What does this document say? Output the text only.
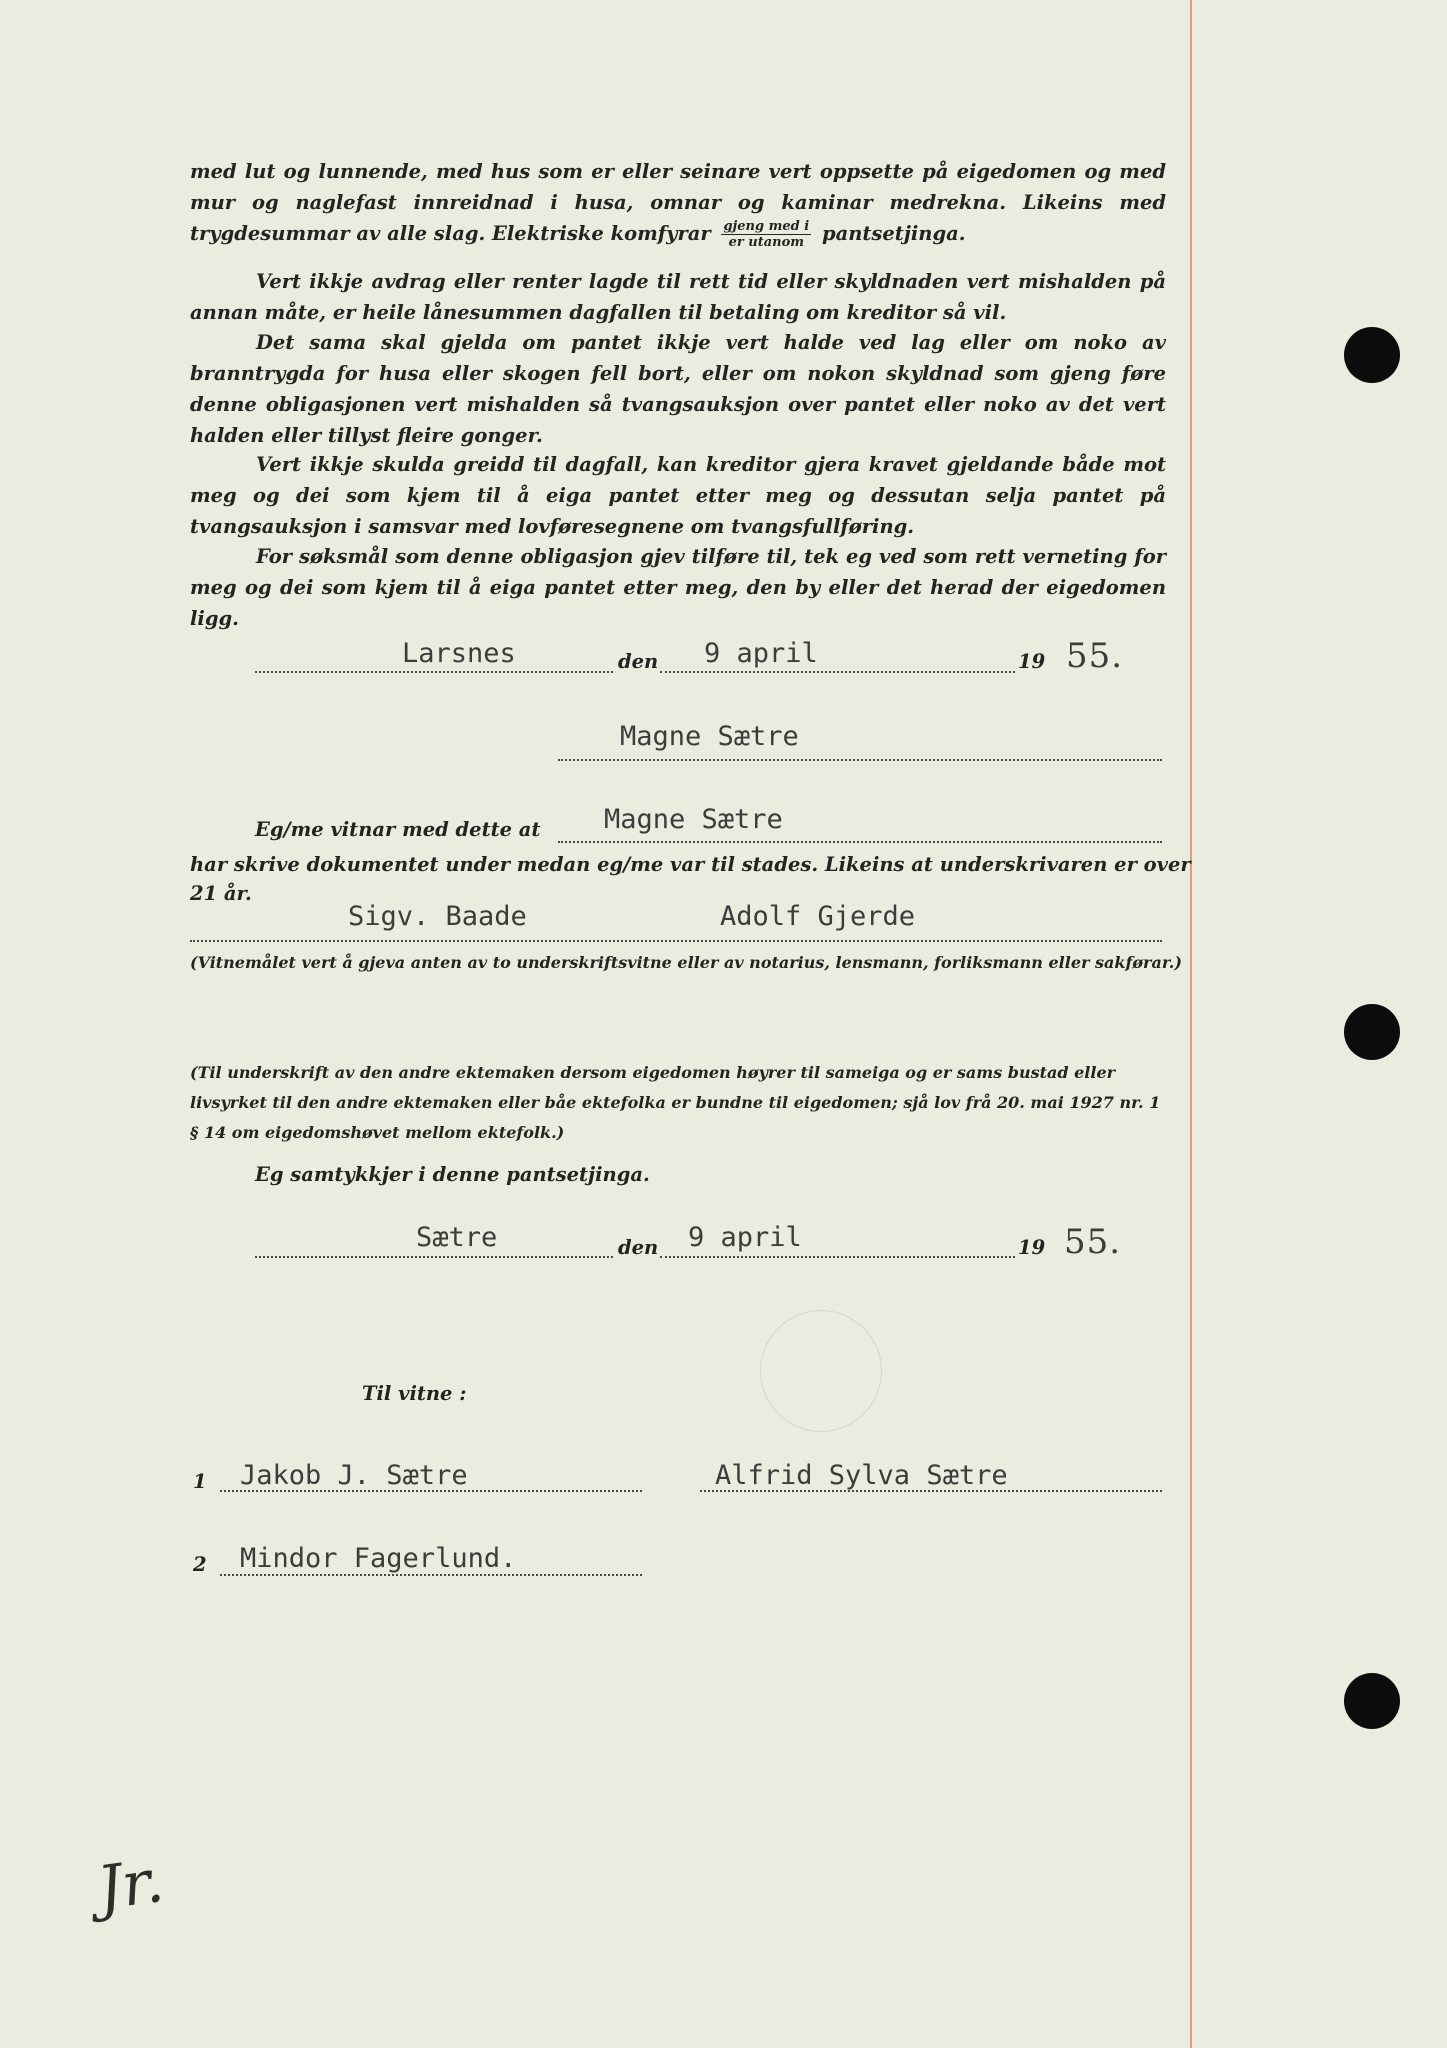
med lut og lunnende, med hus som er eller seinare vert oppsette på eigedomen og med mur og naglefast innreidnad i husa, omnar og kaminar medrekna. Likeins med trygdesummar av alle slag. Elektriske komfyrar $\frac{\text{gjeng med i}}{\text{er utanom}}$ pantsetjinga.
Vert ikkje avdrag eller renter lagde til rett tid eller skyldnaden vert mishalden på annan måte, er heile lånesummen dagfallen til betaling om kreditor så vil.
Det sama skal gjelda om pantet ikkje vert halde ved lag eller om noko av branntrygda for husa eller skogen fell bort, eller om nokon skyldnad som gjeng føre denne obligasjonen vert mishalden så tvangsauksjon over pantet eller noko av det vert halden eller tillyst fleire gonger.
Vert ikkje skulda greidd til dagfall, kan kreditor gjera kravet gjeldande både mot meg og dei som kjem til å eiga pantet etter meg og dessutan selja pantet på tvangsauksjon i samsvar med lovføresegnene om tvangsfullføring.
For søksmål som denne obligasjon gjev tilføre til, tek eg ved som rett verneting for meg og dei som kjem til å eiga pantet etter meg, den by eller det herad der eigedomen ligg.
Larsnes	den 9 april	19 55.
Magne Sætre
Eg/me vitnar med dette at Magne Sætre
har skrive dokumentet under medan eg/me var til stades. Likeins at underskrivaren er over
21 år.
Sigv. Baade	Adolf Gjerde
(Vitnemålet vert å gjeva anten av to underskriftsvitne eller av notarius, lensmann, forliksmann eller sakførar.)
(Til underskrift av den andre ektemaken dersom eigedomen høyrer til sameiga og er sams bustad eller livsyrket til den andre ektemaken eller båe ektefolka er bundne til eigedomen; sjå lov frå 20. mai 1927 nr. 1 § 14 om eigedomshøvet mellom ektefolk.)
Eg samtykkjer i denne pantsetjinga.
Sætre	den 9 april	19 55.
Til vitne :
1 Jakob J. Sætre	Alfrid Sylva Sætre
2 Mindor Fagerlund.
Jr.
